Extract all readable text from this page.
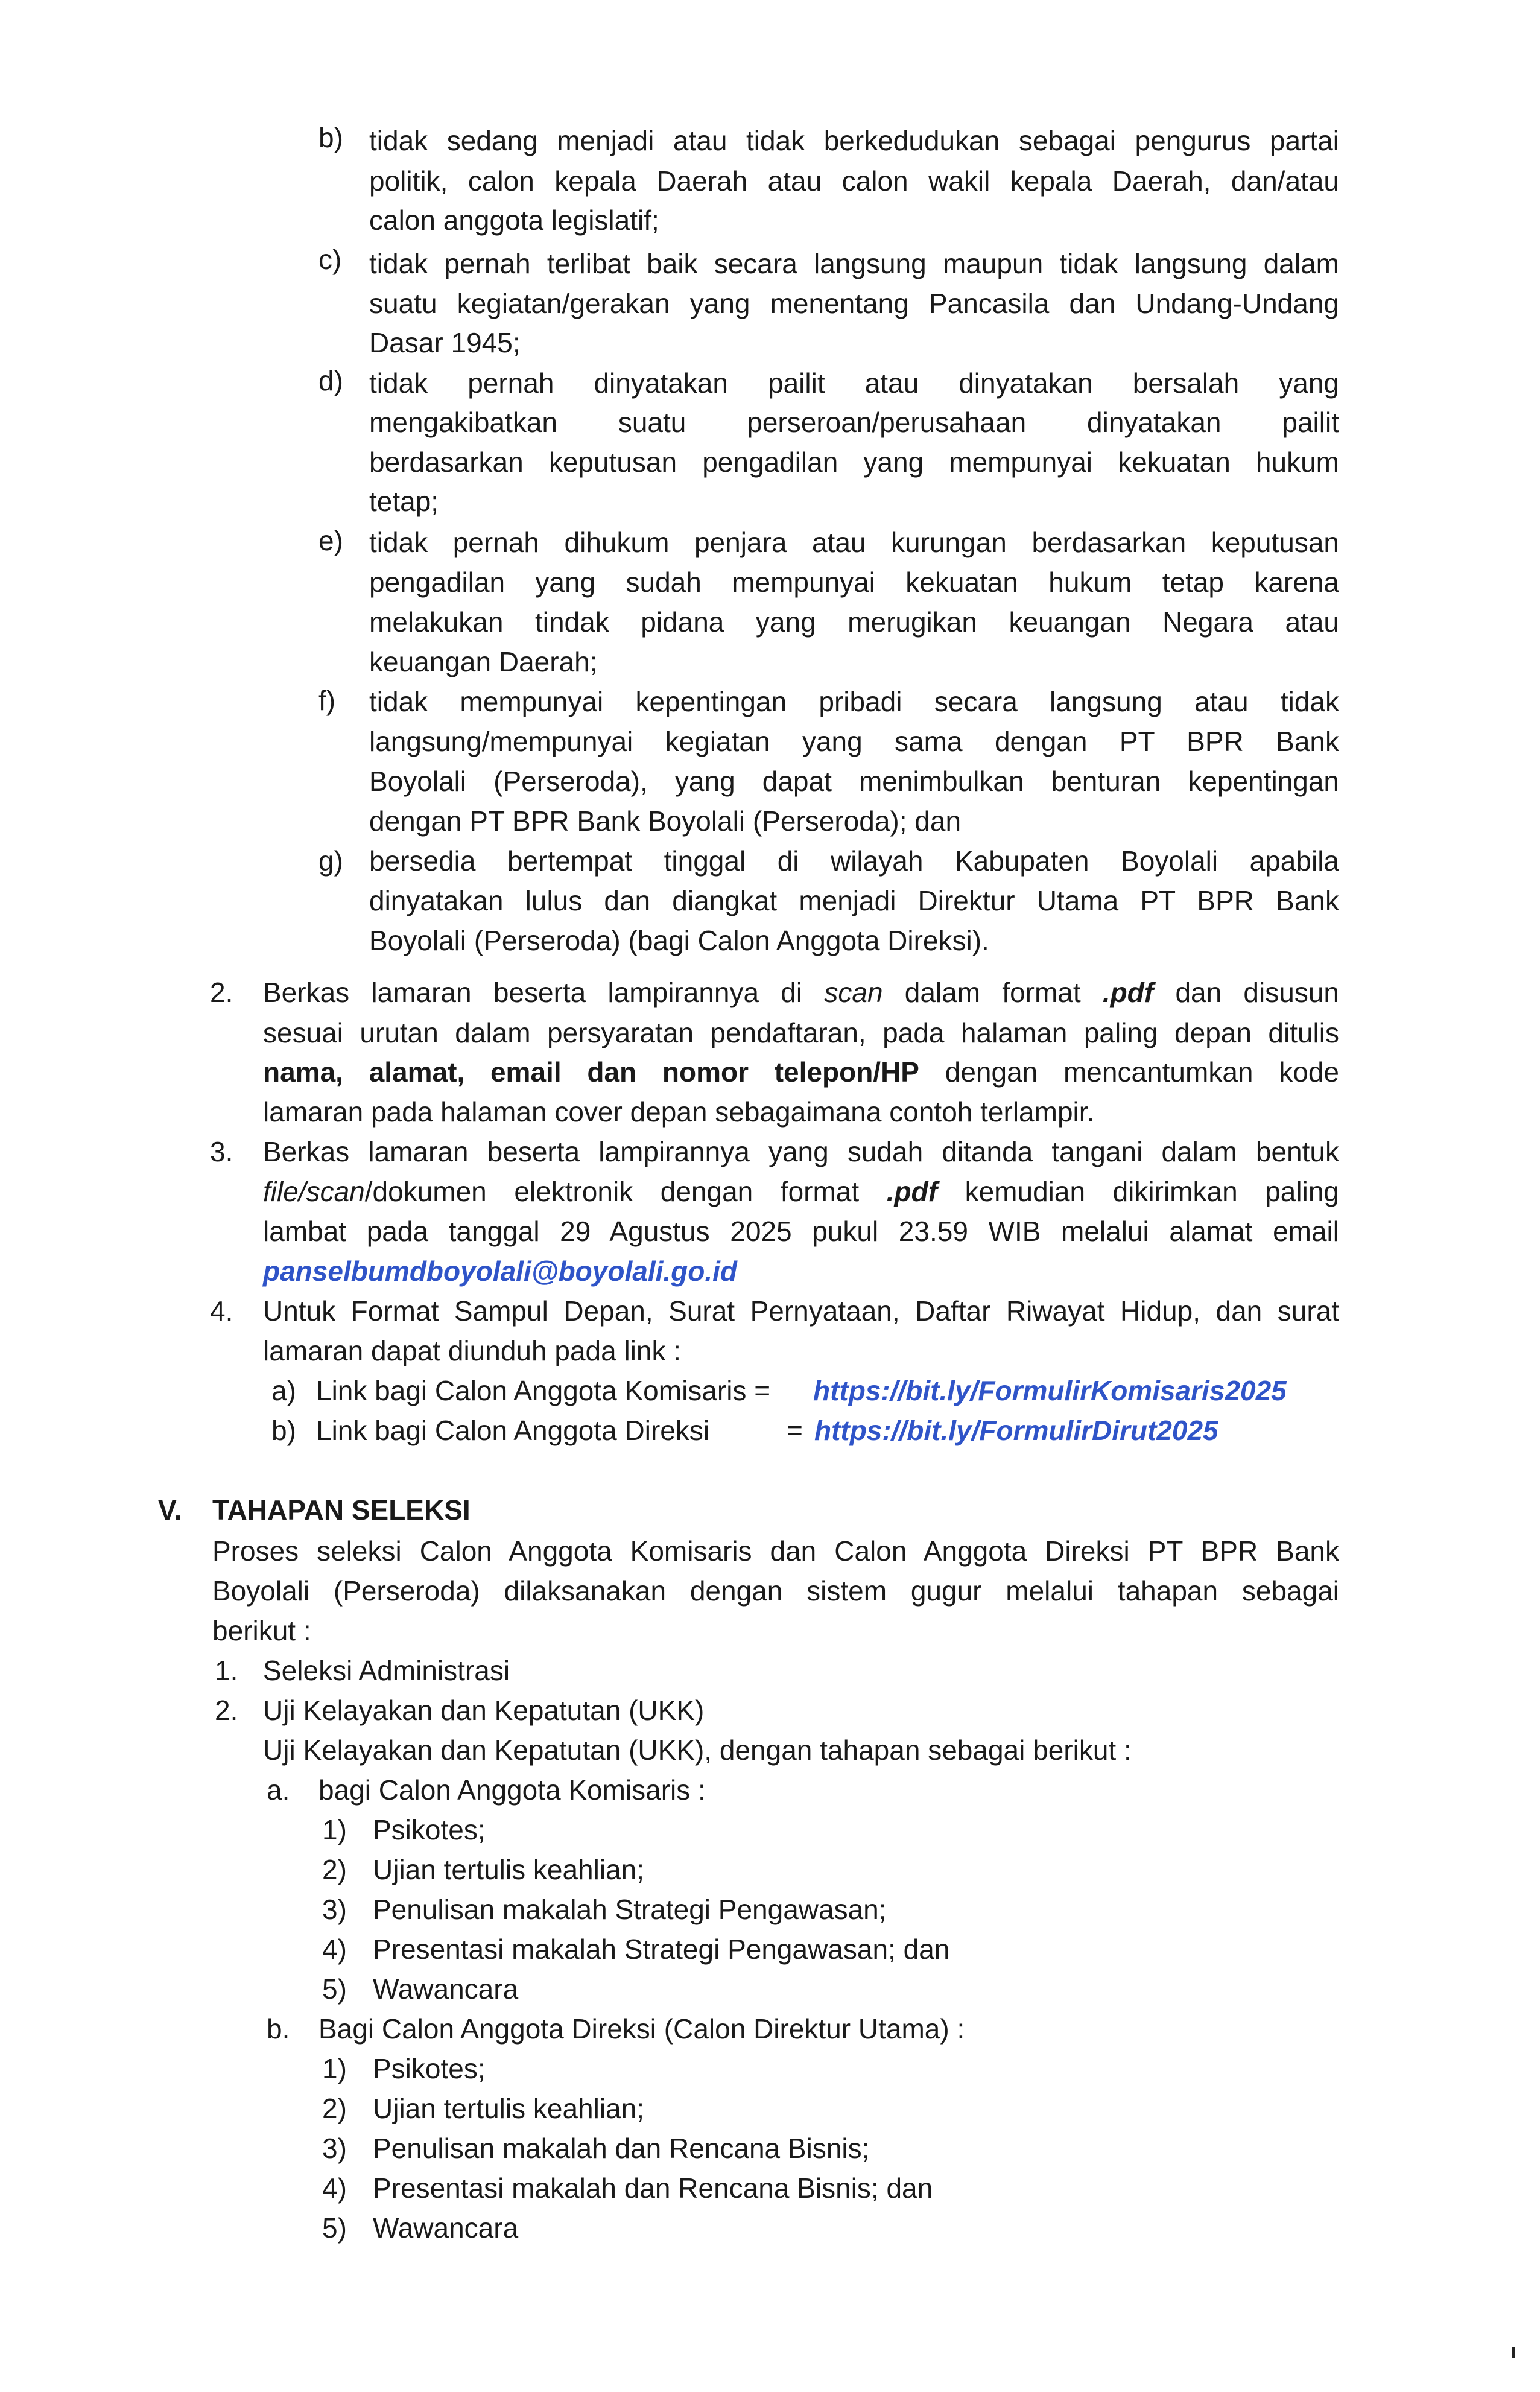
b) tidak sedang menjadi atau tidak berkedudukan sebagai pengurus partai
politik, calon kepala Daerah atau calon wakil kepala Daerah, dan/atau
calon anggota legislatif;
c) tidak pernah terlibat baik secara langsung maupun tidak langsung dalam
suatu kegiatan/gerakan yang menentang Pancasila dan Undang-Undang
Dasar 1945;
d) tidak pernah dinyatakan pailit atau dinyatakan bersalah yang
mengakibatkan suatu perseroan/perusahaan dinyatakan pailit
berdasarkan keputusan pengadilan yang mempunyai kekuatan hukum
tetap;
e) tidak pernah dihukum penjara atau kurungan berdasarkan keputusan
pengadilan yang sudah mempunyai kekuatan hukum tetap karena
melakukan tindak pidana yang merugikan keuangan Negara atau
keuangan Daerah;
f) tidak mempunyai kepentingan pribadi secara langsung atau tidak
langsung/mempunyai kegiatan yang sama dengan PT BPR Bank
Boyolali (Perseroda), yang dapat menimbulkan benturan kepentingan
dengan PT BPR Bank Boyolali (Perseroda); dan
g) bersedia bertempat tinggal di wilayah Kabupaten Boyolali apabila
dinyatakan lulus dan diangkat menjadi Direktur Utama PT BPR Bank
Boyolali (Perseroda) (bagi Calon Anggota Direksi).
2. Berkas lamaran beserta lampirannya di scan dalam format .pdf dan disusun
sesuai urutan dalam persyaratan pendaftaran, pada halaman paling depan ditulis
nama, alamat, email dan nomor telepon/HP dengan mencantumkan kode
lamaran pada halaman cover depan sebagaimana contoh terlampir.
3. Berkas lamaran beserta lampirannya yang sudah ditanda tangani dalam bentuk
file/scan/dokumen elektronik dengan format .pdf kemudian dikirimkan paling
lambat pada tanggal 29 Agustus 2025 pukul 23.59 WIB melalui alamat email
panselbumdboyolali@boyolali.go.id
4. Untuk Format Sampul Depan, Surat Pernyataan, Daftar Riwayat Hidup, dan surat
lamaran dapat diunduh pada link :
a) Link bagi Calon Anggota Komisaris = https://bit.ly/FormulirKomisaris2025
b) Link bagi Calon Anggota Direksi	= https://bit.ly/FormulirDirut2025
V. TAHAPAN SELEKSI
Proses seleksi Calon Anggota Komisaris dan Calon Anggota Direksi PT BPR Bank
Boyolali (Perseroda) dilaksanakan dengan sistem gugur melalui tahapan sebagai
berikut :
1. Seleksi Administrasi
2. Uji Kelayakan dan Kepatutan (UKK)
Uji Kelayakan dan Kepatutan (UKK), dengan tahapan sebagai berikut :
a. bagi Calon Anggota Komisaris :
1) Psikotes;
2) Ujian tertulis keahlian;
3) Penulisan makalah Strategi Pengawasan;
4) Presentasi makalah Strategi Pengawasan; dan
5) Wawancara
b. Bagi Calon Anggota Direksi (Calon Direktur Utama) :
1) Psikotes;
2) Ujian tertulis keahlian;
3) Penulisan makalah dan Rencana Bisnis;
4) Presentasi makalah dan Rencana Bisnis; dan
5) Wawancara
